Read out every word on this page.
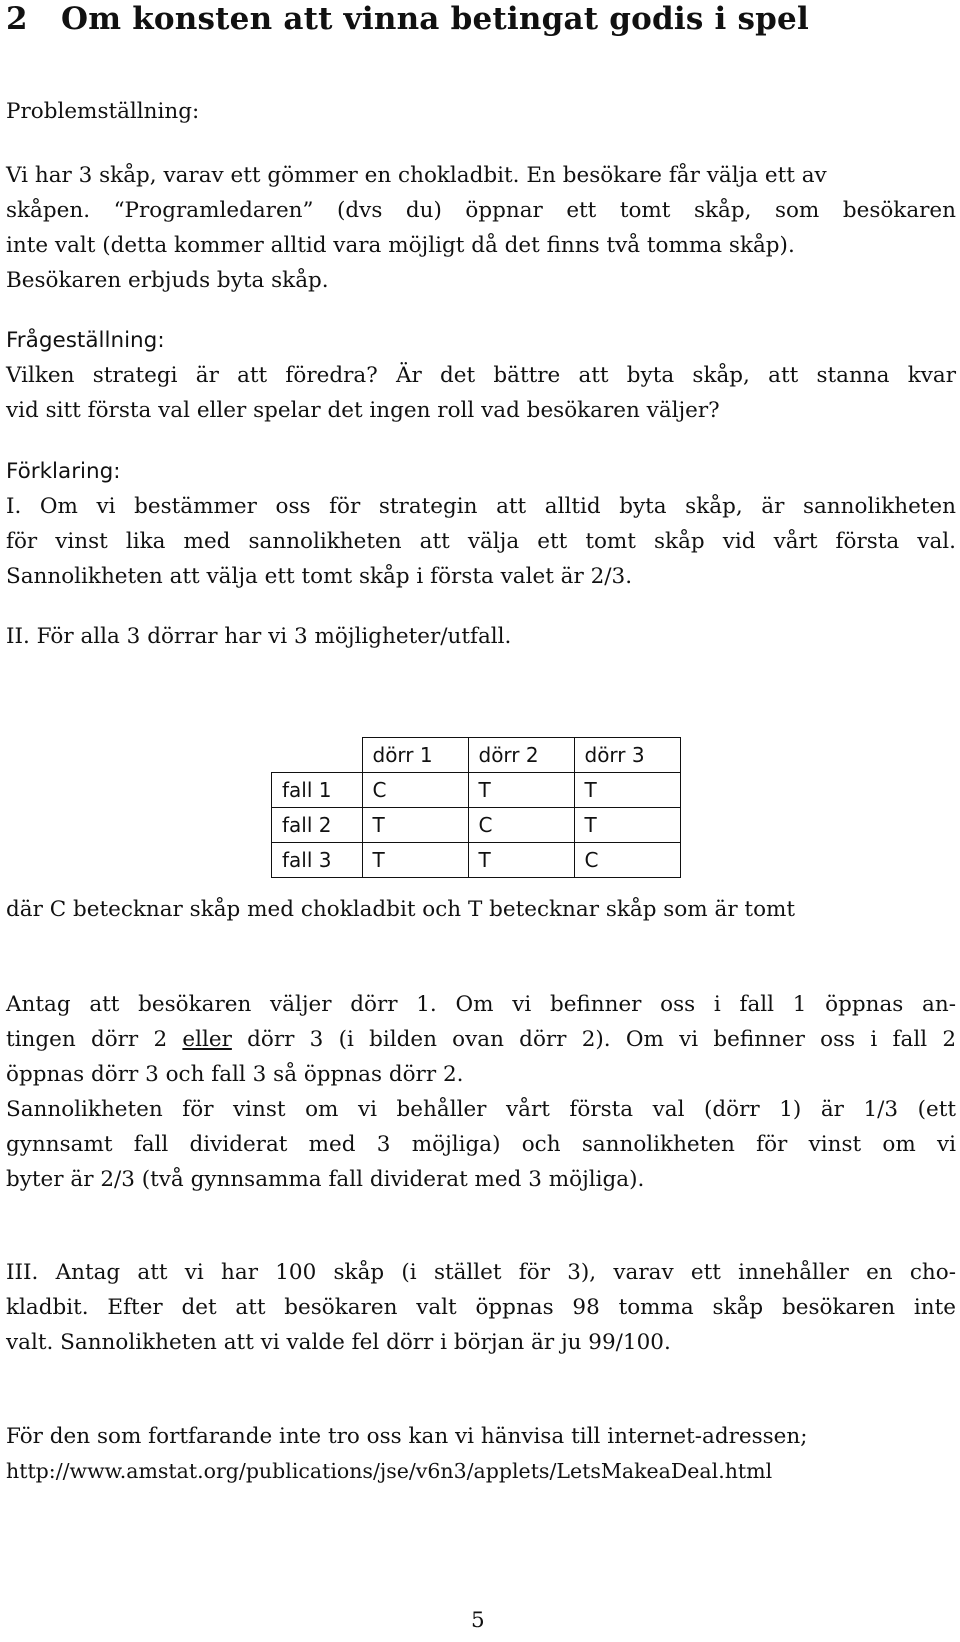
2 Om konsten att vinna betingat godis i spel
Problemställning:
Vi har 3 skåp, varav ett gömmer en chokladbit. En besökare får välja ett av
skåpen. “Programledaren” (dvs du) öppnar ett tomt skåp, som besökaren
inte valt (detta kommer alltid vara möjligt då det finns två tomma skåp).
Besökaren erbjuds byta skåp.
Frågeställning:
Vilken strategi är att föredra? Är det bättre att byta skåp, att stanna kvar
vid sitt första val eller spelar det ingen roll vad besökaren väljer?
Förklaring:
I. Om vi bestämmer oss för strategin att alltid byta skåp, är sannolikheten
för vinst lika med sannolikheten att välja ett tomt skåp vid vårt första val.
Sannolikheten att välja ett tomt skåp i första valet är 2/3.
II. För alla 3 dörrar har vi 3 möjligheter/utfall.
	dörr 1	dörr 2	dörr 3
fall 1	C	T	T
fall 2	T	C	T
fall 3	T	T	C
där C betecknar skåp med chokladbit och T betecknar skåp som är tomt
Antag att besökaren väljer dörr 1. Om vi befinner oss i fall 1 öppnas an-
tingen dörr 2 eller dörr 3 (i bilden ovan dörr 2). Om vi befinner oss i fall 2
öppnas dörr 3 och fall 3 så öppnas dörr 2.
Sannolikheten för vinst om vi behåller vårt första val (dörr 1) är 1/3 (ett
gynnsamt fall dividerat med 3 möjliga) och sannolikheten för vinst om vi
byter är 2/3 (två gynnsamma fall dividerat med 3 möjliga).
III. Antag att vi har 100 skåp (i stället för 3), varav ett innehåller en cho-
kladbit. Efter det att besökaren valt öppnas 98 tomma skåp besökaren inte
valt. Sannolikheten att vi valde fel dörr i början är ju 99/100.
För den som fortfarande inte tro oss kan vi hänvisa till internet-adressen;
http://www.amstat.org/publications/jse/v6n3/applets/LetsMakeaDeal.html
5
